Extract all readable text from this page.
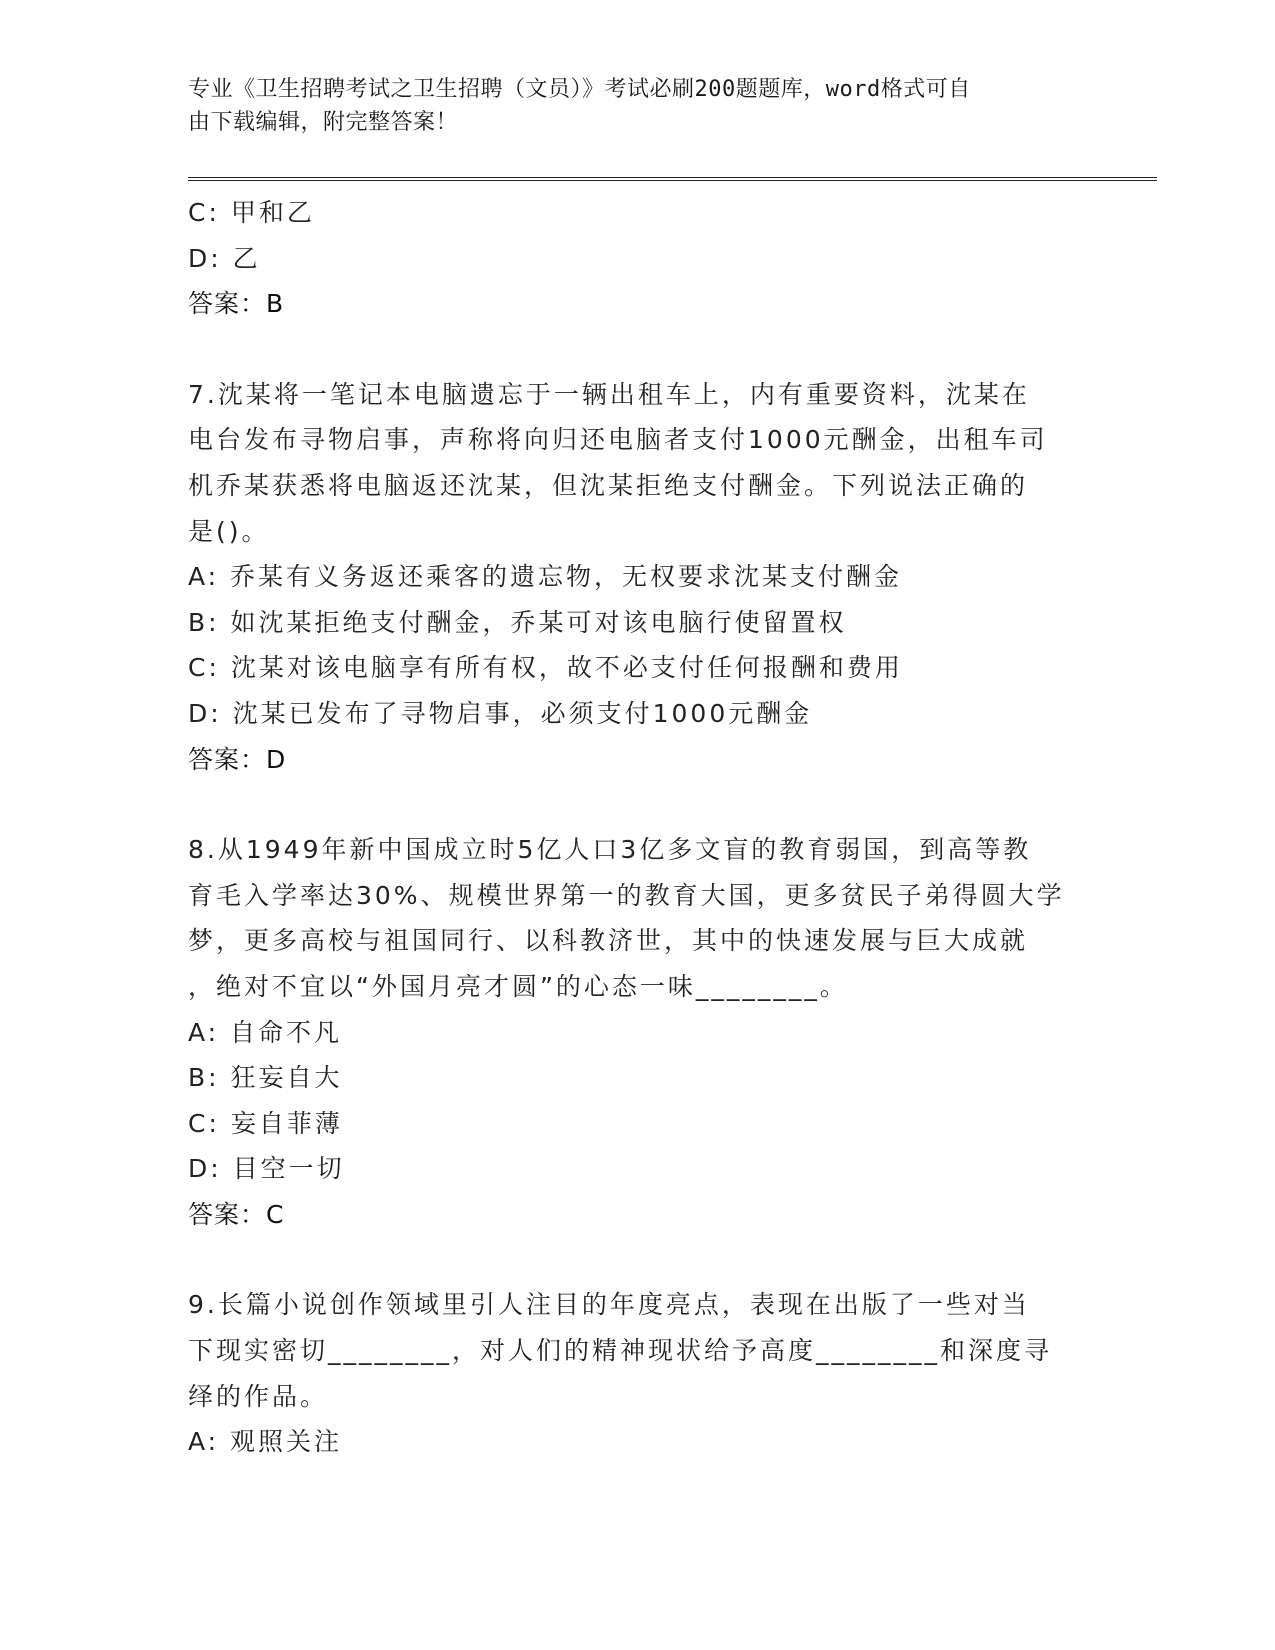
专业《卫生招聘考试之卫生招聘（文员）》考试必刷200题题库，word格式可自
由下载编辑，附完整答案！
C: 甲和乙
D: 乙
答案：B
7.沈某将一笔记本电脑遗忘于一辆出租车上，内有重要资料，沈某在
电台发布寻物启事，声称将向归还电脑者支付1000元酬金，出租车司
机乔某获悉将电脑返还沈某，但沈某拒绝支付酬金。下列说法正确的
是()。
A: 乔某有义务返还乘客的遗忘物，无权要求沈某支付酬金
B: 如沈某拒绝支付酬金，乔某可对该电脑行使留置权
C: 沈某对该电脑享有所有权，故不必支付任何报酬和费用
D: 沈某已发布了寻物启事，必须支付1000元酬金
答案：D
8.从1949年新中国成立时5亿人口3亿多文盲的教育弱国，到高等教
育毛入学率达30%、规模世界第一的教育大国，更多贫民子弟得圆大学
梦，更多高校与祖国同行、以科教济世，其中的快速发展与巨大成就
，绝对不宜以“外国月亮才圆”的心态一味________。
A: 自命不凡
B: 狂妄自大
C: 妄自菲薄
D: 目空一切
答案：C
9.长篇小说创作领域里引人注目的年度亮点，表现在出版了一些对当
下现实密切________，对人们的精神现状给予高度________和深度寻
绎的作品。
A: 观照关注
